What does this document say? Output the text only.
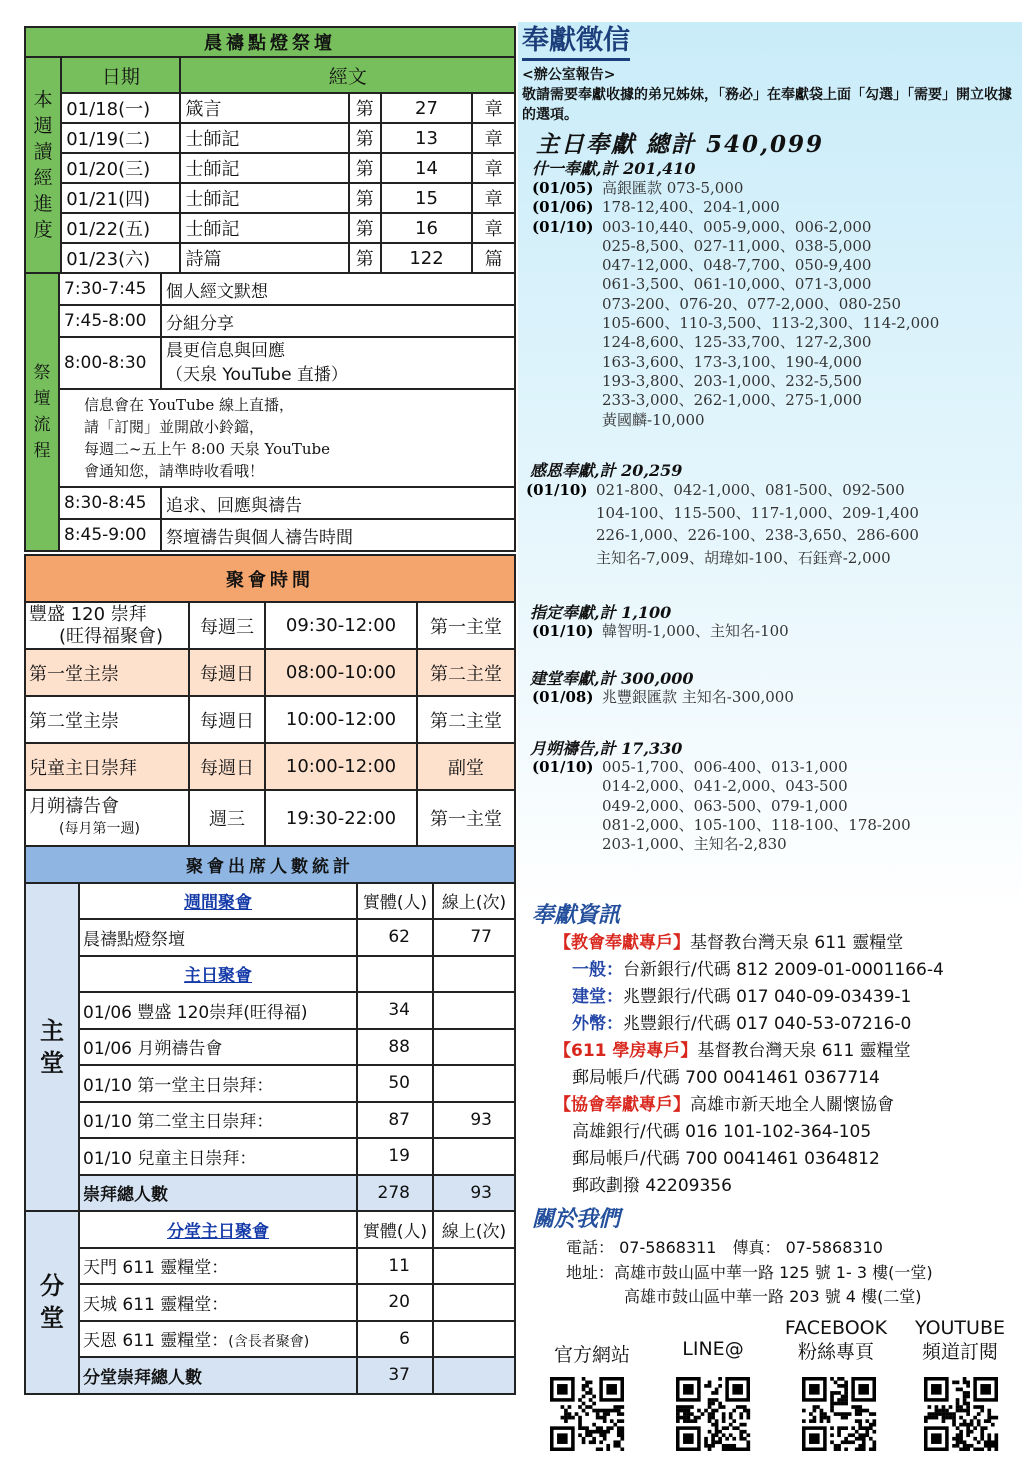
晨禱點燈祭壇					
本週讀經進度	日期	經文			
	01/18(一)	箴言	第	27	章
	01/19(二)	士師記	第	13	章
	01/20(三)	士師記	第	14	章
	01/21(四)	士師記	第	15	章
	01/22(五)	士師記	第	16	章
	01/23(六)	詩篇	第	122	篇
祭壇流程	7:30-7:45	個人經文默想
	7:45-8:00	分組分享
	8:00-8:30	晨更信息與回應
（天泉 YouTube 直播）

	信息會在 YouTube 線上直播，
請「訂閱」並開啟小鈴鐺，
每週二~五上午 8:00 天泉 YouTube
會通知您，請準時收看哦！	

	8:30-8:45	追求、回應與禱告
	8:45-9:00	祭壇禱告與個人禱告時間
聚會時間			

豐盛 120 崇拜
(旺得福聚會)	每週三	09:30-12:00	第一主堂
第一堂主崇	每週日	08:00-10:00	第二主堂
第二堂主崇	每週日	10:00-12:00	第二主堂
兒童主日崇拜	每週日	10:00-12:00	副堂

月朔禱告會
(每月第一週)	週三	19:30-22:00	第一主堂
聚會出席人數統計			
主堂	週間聚會	實體(人)	線上(次)
	晨禱點燈祭壇	62	77
	主日聚會		
	01/06 豐盛 120崇拜(旺得福)	34	
	01/06 月朔禱告會	88	
	01/10 第一堂主日崇拜：	50	
	01/10 第二堂主日崇拜：	87	93
	01/10 兒童主日崇拜：	19	
	崇拜總人數	278	93
分堂	分堂主日聚會	實體(人)	線上(次)
	天門 611 靈糧堂：	11	
	天城 611 靈糧堂：	20	
	天恩 611 靈糧堂：(含長者聚會)	6	
	分堂崇拜總人數	37	
奉獻徵信
<辦公室報告>
敬請需要奉獻收據的弟兄姊妹，「務必」在奉獻袋上面「勾選」「需要」開立收據的選項。
主日奉獻 總計 540,099
什一奉獻,計 201,410
(01/05) 高銀匯款 073-5,000
(01/06) 178-12,400、204-1,000
(01/10) 003-10,440、005-9,000、006-2,000
025-8,500、027-11,000、038-5,000
047-12,000、048-7,700、050-9,400
061-3,500、061-10,000、071-3,000
073-200、076-20、077-2,000、080-250
105-600、110-3,500、113-2,300、114-2,000
124-8,600、125-33,700、127-2,300
163-3,600、173-3,100、190-4,000
193-3,800、203-1,000、232-5,500
233-3,000、262-1,000、275-1,000
黃國麟-10,000
感恩奉獻,計 20,259
(01/10) 021-800、042-1,000、081-500、092-500
104-100、115-500、117-1,000、209-1,400
226-1,000、226-100、238-3,650、286-600
主知名-7,009、胡瑋如-100、石鈺齊-2,000
指定奉獻,計 1,100
(01/10) 韓智明-1,000、主知名-100
建堂奉獻,計 300,000
(01/08) 兆豐銀匯款 主知名-300,000
月朔禱告,計 17,330
(01/10) 005-1,700、006-400、013-1,000
014-2,000、041-2,000、043-500
049-2,000、063-500、079-1,000
081-2,000、105-100、118-100、178-200
203-1,000、主知名-2,830
奉獻資訊
【教會奉獻專戶】基督教台灣天泉 611 靈糧堂
一般：台新銀行/代碼 812 2009-01-0001166-4
建堂：兆豐銀行/代碼 017 040-09-03439-1
外幣：兆豐銀行/代碼 017 040-53-07216-0
【611 學房專戶】基督教台灣天泉 611 靈糧堂
郵局帳戶/代碼 700 0041461 0367714
【協會奉獻專戶】高雄市新天地全人關懷協會
高雄銀行/代碼 016 101-102-364-105
郵局帳戶/代碼 700 0041461 0364812
郵政劃撥 42209356
關於我們
電話： 07-5868311　傳真： 07-5868310
地址：高雄市鼓山區中華一路 125 號 1- 3 樓(一堂)
高雄市鼓山區中華一路 203 號 4 樓(二堂)
官方網站	LINE@
FACEBOOK
粉絲專頁
YOUTUBE
頻道訂閱
